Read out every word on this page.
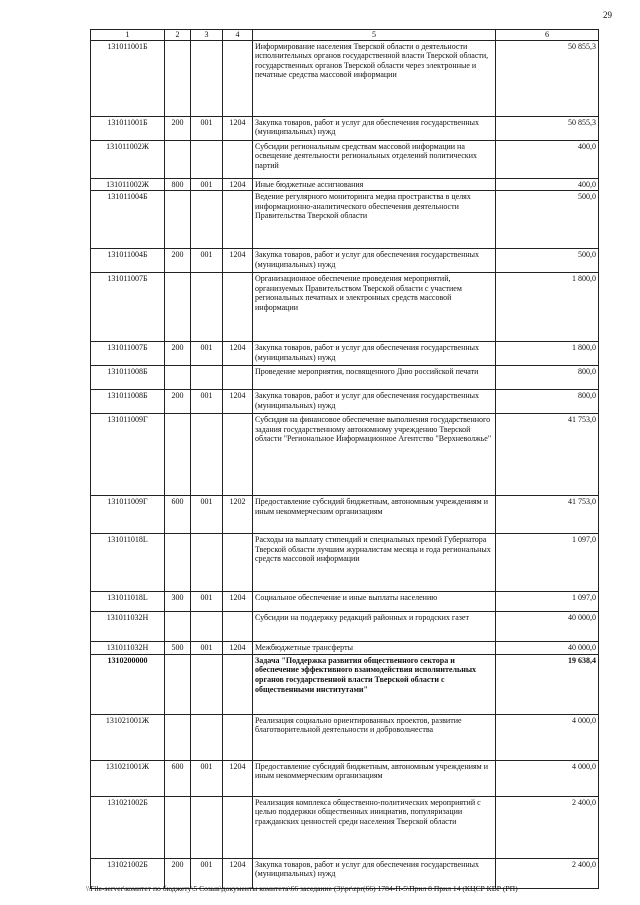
29
1	2	3	4	5	6
131011001Б				Информирование населения Тверской области о деятельности исполнительных органов государственной власти Тверской области, государственных органов Тверской области через электронные и печатные средства массовой информации	50 855,3
131011001Б	200	001	1204	Закупка товаров, работ и услуг для обеспечения государственных (муниципальных) нужд	50 855,3
131011002Ж				Субсидии региональным средствам массовой информации на освещение деятельности региональных отделений политических партий	400,0
131011002Ж	800	001	1204	Иные бюджетные ассигнования	400,0
131011004Б				Ведение регулярного мониторинга медиа пространства в целях информационно-аналитического обеспечения деятельности Правительства Тверской области	500,0
131011004Б	200	001	1204	Закупка товаров, работ и услуг для обеспечения государственных (муниципальных) нужд	500,0
131011007Б				Организационное обеспечение проведения мероприятий, организуемых Правительством Тверской области с участием региональных печатных и электронных средств массовой информации	1 800,0
131011007Б	200	001	1204	Закупка товаров, работ и услуг для обеспечения государственных (муниципальных) нужд	1 800,0
131011008Б				Проведение мероприятия, посвященного Дню российской печати	800,0
131011008Б	200	001	1204	Закупка товаров, работ и услуг для обеспечения государственных (муниципальных) нужд	800,0
131011009Г				Субсидия на финансовое обеспечение выполнения государственного задания государственному автономному учреждению Тверской области "Региональное Информационное Агентство "Верхневолжье"	41 753,0
131011009Г	600	001	1202	Предоставление субсидий бюджетным, автономным учреждениям и иным некоммерческим организациям	41 753,0
131011018L				Расходы на выплату стипендий и специальных премий Губернатора Тверской области лучшим журналистам месяца и года региональных средств массовой информации	1 097,0
131011018L	300	001	1204	Социальное обеспечение и иные выплаты населению	1 097,0
131011032Н				Субсидии на поддержку редакций районных и городских газет	40 000,0
131011032Н	500	001	1204	Межбюджетные трансферты	40 000,0
1310200000				Задача "Поддержка развития общественного сектора и обеспечение эффективного взаимодействия исполнительных органов государственной власти Тверской области с общественными институтами"	19 638,4
131021001Ж				Реализация социально ориентированных проектов, развитие благотворительной деятельности и добровольчества	4 000,0
131021001Ж	600	001	1204	Предоставление субсидий бюджетным, автономным учреждениям и иным некоммерческим организациям	4 000,0
131021002Б				Реализация комплекса общественно-политических мероприятий с целью поддержки общественных инициатив, популяризации гражданских ценностей среди населения Тверской области	2 400,0
131021002Б	200	001	1204	Закупка товаров, работ и услуг для обеспечения государственных (муниципальных) нужд	2 400,0
\\File-server\комитет по бюджету\5 Созыв\документы комитета\66 заседание (3)\pr\zpr(66) 1784-П-5\Прил 8 Прил 14 (КЦСР КВР (РП)
